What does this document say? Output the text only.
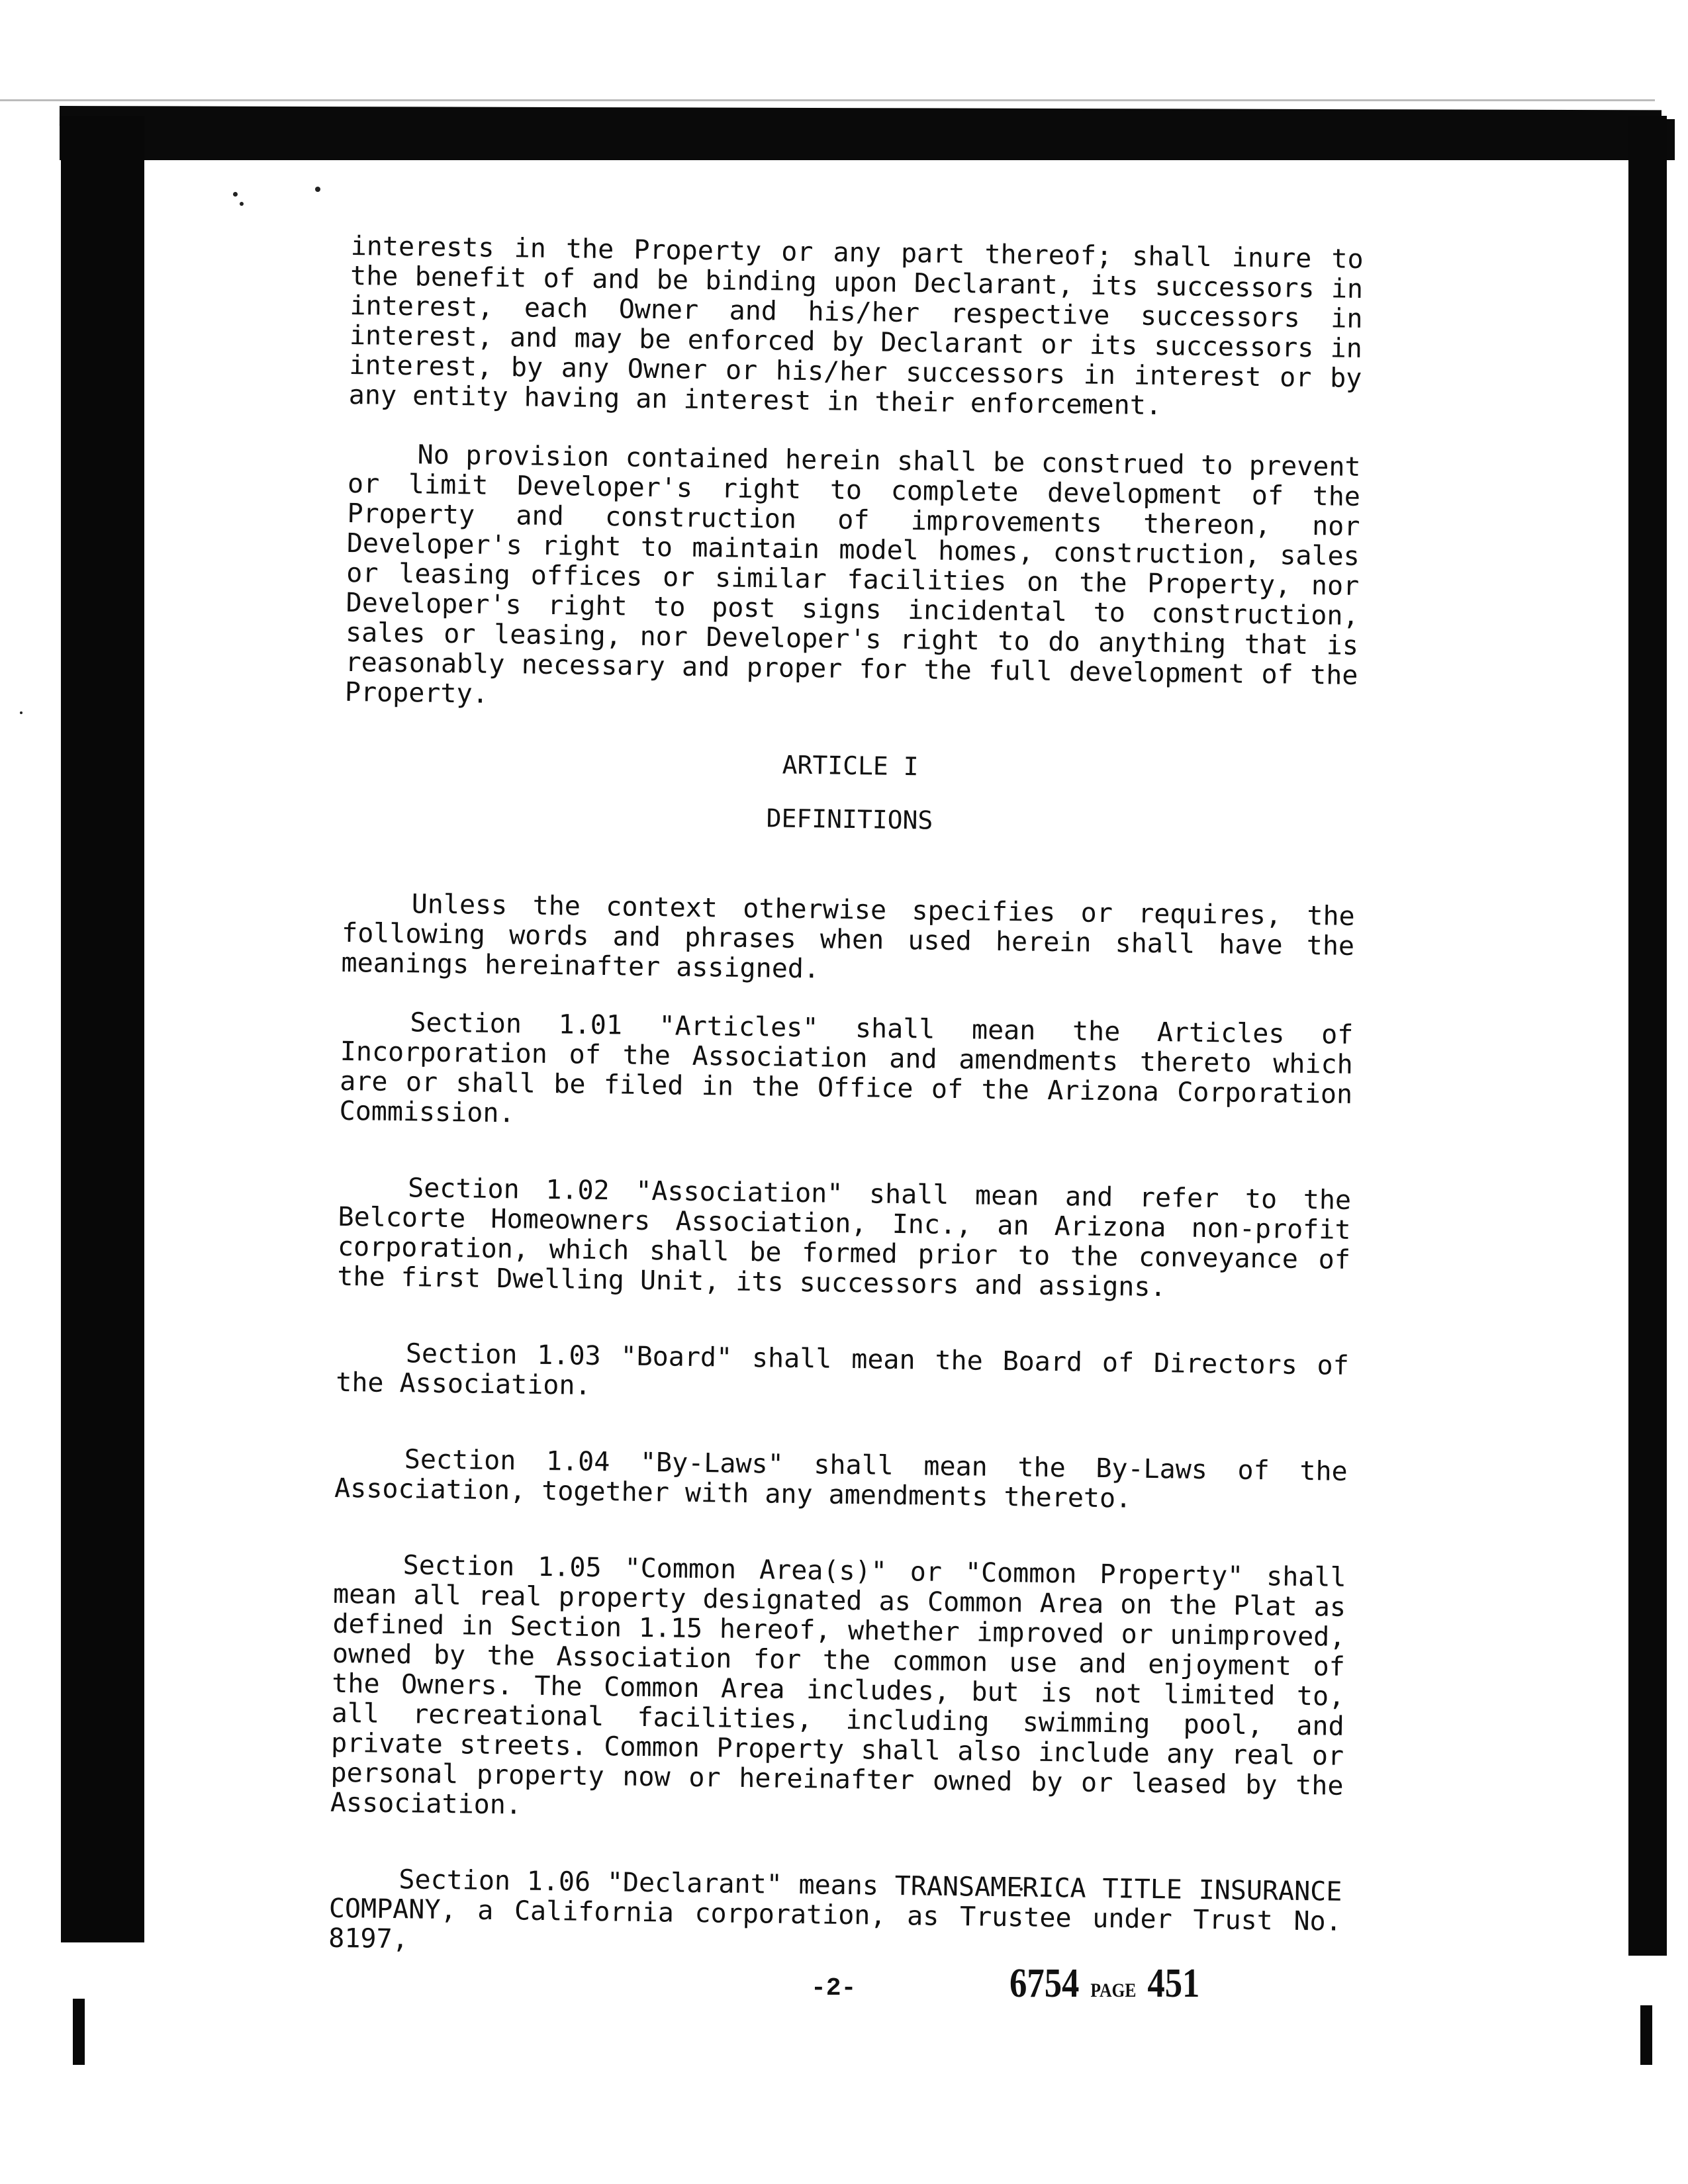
interests in the Property or any part thereof; shall inure to the benefit of and be binding upon Declarant, its successors in interest, each Owner and his/her respective successors in interest, and may be enforced by Declarant or its successors in interest, by any Owner or his/her successors in interest or by any entity having an interest in their enforcement.

No provision contained herein shall be construed to prevent or limit Developer's right to complete development of the Property and construction of improvements thereon, nor Developer's right to maintain model homes, construction, sales or leasing offices or similar facilities on the Property, nor Developer's right to post signs incidental to construction, sales or leasing, nor Developer's right to do anything that is reasonably necessary and proper for the full development of the Property.

ARTICLE I

DEFINITIONS

Unless the context otherwise specifies or requires, the following words and phrases when used herein shall have the meanings hereinafter assigned.

Section 1.01 "Articles" shall mean the Articles of Incorporation of the Association and amendments thereto which are or shall be filed in the Office of the Arizona Corporation Commission.

Section 1.02 "Association" shall mean and refer to the Belcorte Homeowners Association, Inc., an Arizona non-profit corporation, which shall be formed prior to the conveyance of the first Dwelling Unit, its successors and assigns.

Section 1.03 "Board" shall mean the Board of Directors of the Association.

Section 1.04 "By-Laws" shall mean the By-Laws of the Association, together with any amendments thereto.

Section 1.05 "Common Area(s)" or "Common Property" shall mean all real property designated as Common Area on the Plat as defined in Section 1.15 hereof, whether improved or unimproved, owned by the Association for the common use and enjoyment of the Owners. The Common Area includes, but is not limited to, all recreational facilities, including swimming pool, and private streets. Common Property shall also include any real or personal property now or hereinafter owned by or leased by the Association.

Section 1.06 "Declarant" means TRANSAMERICA TITLE INSURANCE COMPANY, a California corporation, as Trustee under Trust No. 8197,

-2-	6754 PAGE 451
